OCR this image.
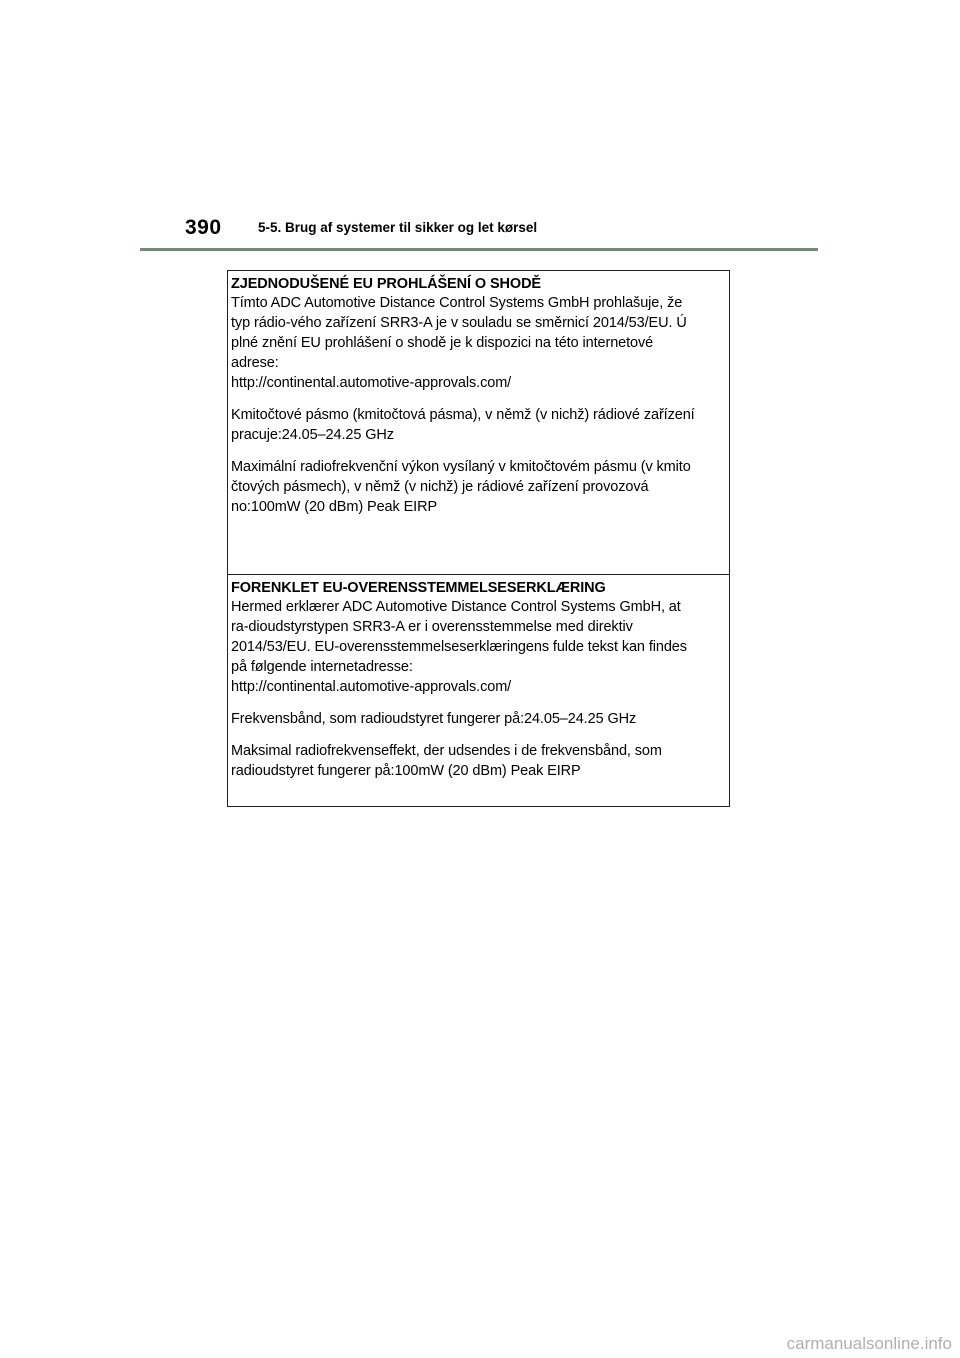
390	5-5. Brug af systemer til sikker og let kørsel
ZJEDNODUŠENÉ EU PROHLÁŠENÍ O SHODĚ

Tímto ADC Automotive Distance Control Systems GmbH prohlašuje, že
typ rádio-vého zařízení SRR3-A je v souladu se směrnicí 2014/53/EU. Ú
plné znění EU prohlášení o shodě je k dispozici na této internetové
adrese:
http://continental.automotive-approvals.com/

Kmitočtové pásmo (kmitočtová pásma), v němž (v nichž) rádiové zařízení
pracuje:24.05–24.25 GHz

Maximální radiofrekvenční výkon vysílaný v kmitočtovém pásmu (v kmito
čtových pásmech), v němž (v nichž) je rádiové zařízení provozová
no:100mW (20 dBm) Peak EIRP

FORENKLET EU-OVERENSSTEMMELSESERKLÆRING

Hermed erklærer ADC Automotive Distance Control Systems GmbH, at
ra-dioudstyrstypen SRR3-A er i overensstemmelse med direktiv
2014/53/EU. EU-overensstemmelseserklæringens fulde tekst kan findes
på følgende internetadresse:
http://continental.automotive-approvals.com/

Frekvensbånd, som radioudstyret fungerer på:24.05–24.25 GHz

Maksimal radiofrekvenseffekt, der udsendes i de frekvensbånd, som
radioudstyret fungerer på:100mW (20 dBm) Peak EIRP

carmanualsonline.info
